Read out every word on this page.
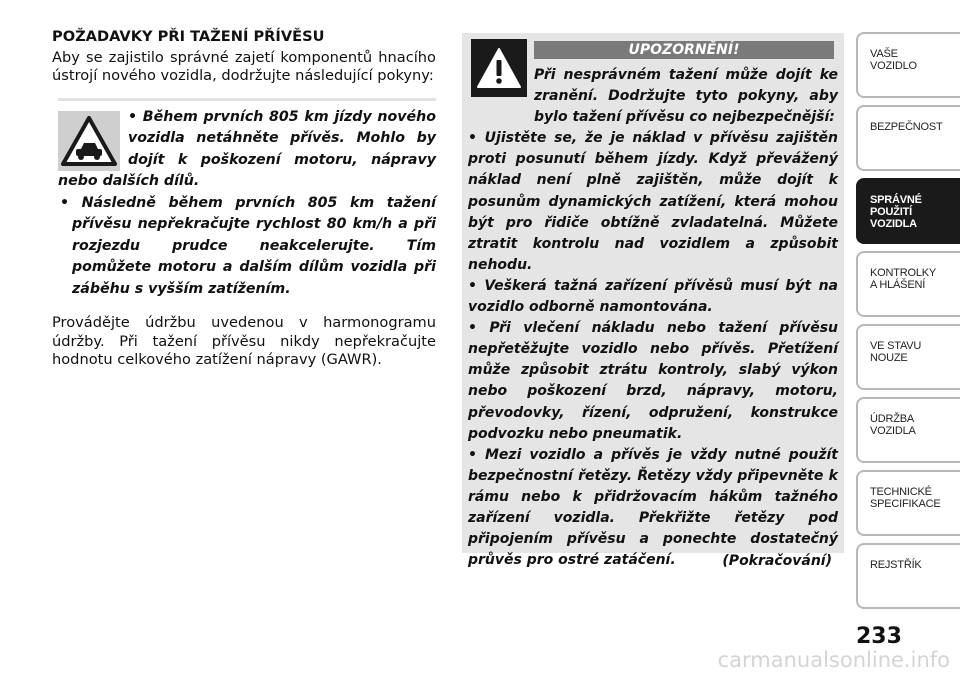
POŽADAVKY PŘI TAŽENÍ PŘÍVĚSU

Aby se zajistilo správné zajetí komponentů hnacího ústrojí nového vozidla, dodržujte následující pokyny:

• Během prvních 805 km jízdy nového vozidla netáhněte přívěs. Mohlo by dojít k poškození motoru, nápravy nebo dalších dílů.

• Následně během prvních 805 km tažení přívěsu nepřekračujte rychlost 80 km/h a při rozjezdu prudce neakcelerujte. Tím pomůžete motoru a dalším dílům vozidla při záběhu s vyšším zatížením.

Provádějte údržbu uvedenou v harmonogramu údržby. Při tažení přívěsu nikdy nepřekračujte hodnotu celkového zatížení nápravy (GAWR).

UPOZORNĚNÍ!

Při nesprávném tažení může dojít ke zranění. Dodržujte tyto pokyny, aby bylo tažení přívěsu co nejbezpečnější:

• Ujistěte se, že je náklad v přívěsu zajištěn proti posunutí během jízdy. Když převážený náklad není plně zajištěn, může dojít k posunům dynamických zatížení, která mohou být pro řidiče obtížně zvladatelná. Můžete ztratit kontrolu nad vozidlem a způsobit nehodu.

• Veškerá tažná zařízení přívěsů musí být na vozidlo odborně namontována.

• Při vlečení nákladu nebo tažení přívěsu nepřetěžujte vozidlo nebo přívěs. Přetížení může způsobit ztrátu kontroly, slabý výkon nebo poškození brzd, nápravy, motoru, převodovky, řízení, odpružení, konstrukce podvozku nebo pneumatik.

• Mezi vozidlo a přívěs je vždy nutné použít bezpečnostní řetězy. Řetězy vždy připevněte k rámu nebo k přidržovacím hákům tažného zařízení vozidla. Překřižte řetězy pod připojením přívěsu a ponechte dostatečný průvěs pro ostré zatáčení.	(Pokračování)
VAŠE
VOZIDLO
BEZPEČNOST
SPRÁVNÉ
POUŽITÍ
VOZIDLA
KONTROLKY
A HLÁŠENÍ
VE STAVU
NOUZE
ÚDRŽBA
VOZIDLA
TECHNICKÉ
SPECIFIKACE
REJSTŘÍK
233
carmanualsonline.info
